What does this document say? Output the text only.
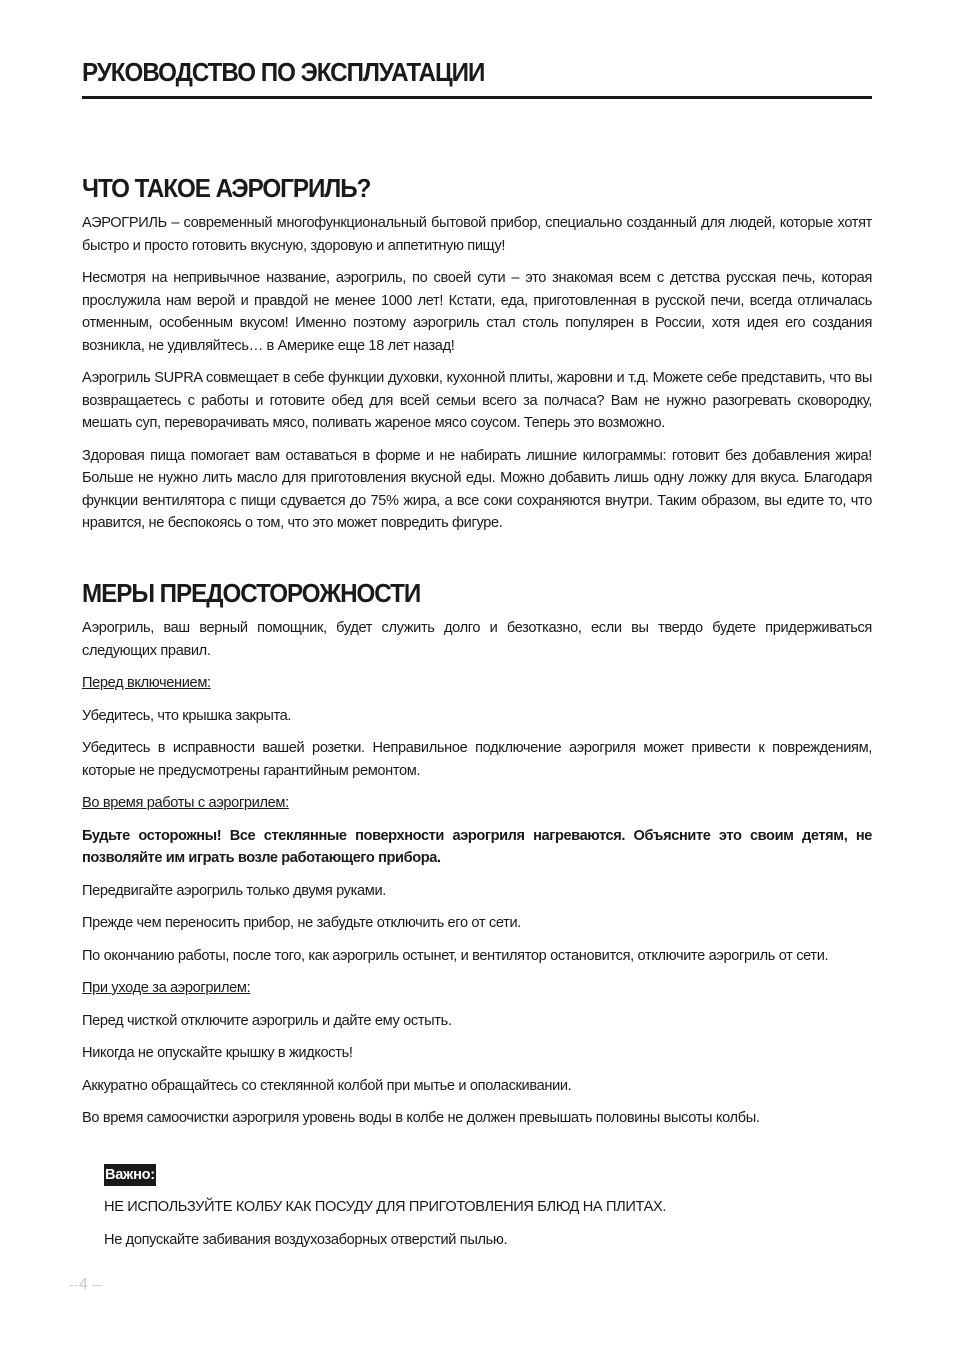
РУКОВОДСТВО ПО ЭКСПЛУАТАЦИИ
ЧТО ТАКОЕ АЭРОГРИЛЬ?

АЭРОГРИЛЬ – современный многофункциональный бытовой прибор, специально созданный для людей, которые хотят быстро и просто готовить вкусную, здоровую и аппетитную пищу!

Несмотря на непривычное название, аэрогриль, по своей сути – это знакомая всем с детства русская печь, которая прослужила нам верой и правдой не менее 1000 лет! Кстати, еда, приготовленная в русской печи, всегда отличалась отменным, особенным вкусом! Именно поэтому аэрогриль стал столь популярен в России, хотя идея его создания возникла, не удивляйтесь… в Америке еще 18 лет назад!

Аэрогриль SUPRA совмещает в себе функции духовки, кухонной плиты, жаровни и т.д. Можете себе представить, что вы возвращаетесь с работы и готовите обед для всей семьи всего за полчаса? Вам не нужно разогревать сковородку, мешать суп, переворачивать мясо, поливать жареное мясо соусом. Теперь это возможно.

Здоровая пища помогает вам оставаться в форме и не набирать лишние килограммы: готовит без добавления жира! Больше не нужно лить масло для приготовления вкусной еды. Можно добавить лишь одну ложку для вкуса. Благодаря функции вентилятора с пищи сдувается до 75% жира, а все соки сохраняются внутри. Таким образом, вы едите то, что нравится, не беспокоясь о том, что это может повредить фигуре.

МЕРЫ ПРЕДОСТОРОЖНОСТИ

Аэрогриль, ваш верный помощник, будет служить долго и безотказно, если вы твердо будете придерживаться следующих правил.

Перед включением:

Убедитесь, что крышка закрыта.

Убедитесь в исправности вашей розетки. Неправильное подключение аэрогриля может привести к повреждениям, которые не предусмотрены гарантийным ремонтом.

Во время работы с аэрогрилем:

Будьте осторожны! Все стеклянные поверхности аэрогриля нагреваются. Объясните это своим детям, не позволяйте им играть возле работающего прибора.

Передвигайте аэрогриль только двумя руками.

Прежде чем переносить прибор, не забудьте отключить его от сети.

По окончанию работы, после того, как аэрогриль остынет, и вентилятор остановится, отключите аэрогриль от сети.

При уходе за аэрогрилем:

Перед чисткой отключите аэрогриль и дайте ему остыть.

Никогда не опускайте крышку в жидкость!

Аккуратно обращайтесь со стеклянной колбой при мытье и ополаскивании.

Во время самоочистки аэрогриля уровень воды в колбе не должен превышать половины высоты колбы.

Важно:

НЕ ИСПОЛЬЗУЙТЕ КОЛБУ КАК ПОСУДУ ДЛЯ ПРИГОТОВЛЕНИЯ БЛЮД НА ПЛИТАХ.

Не допускайте забивания воздухозаборных отверстий пылью.

4
